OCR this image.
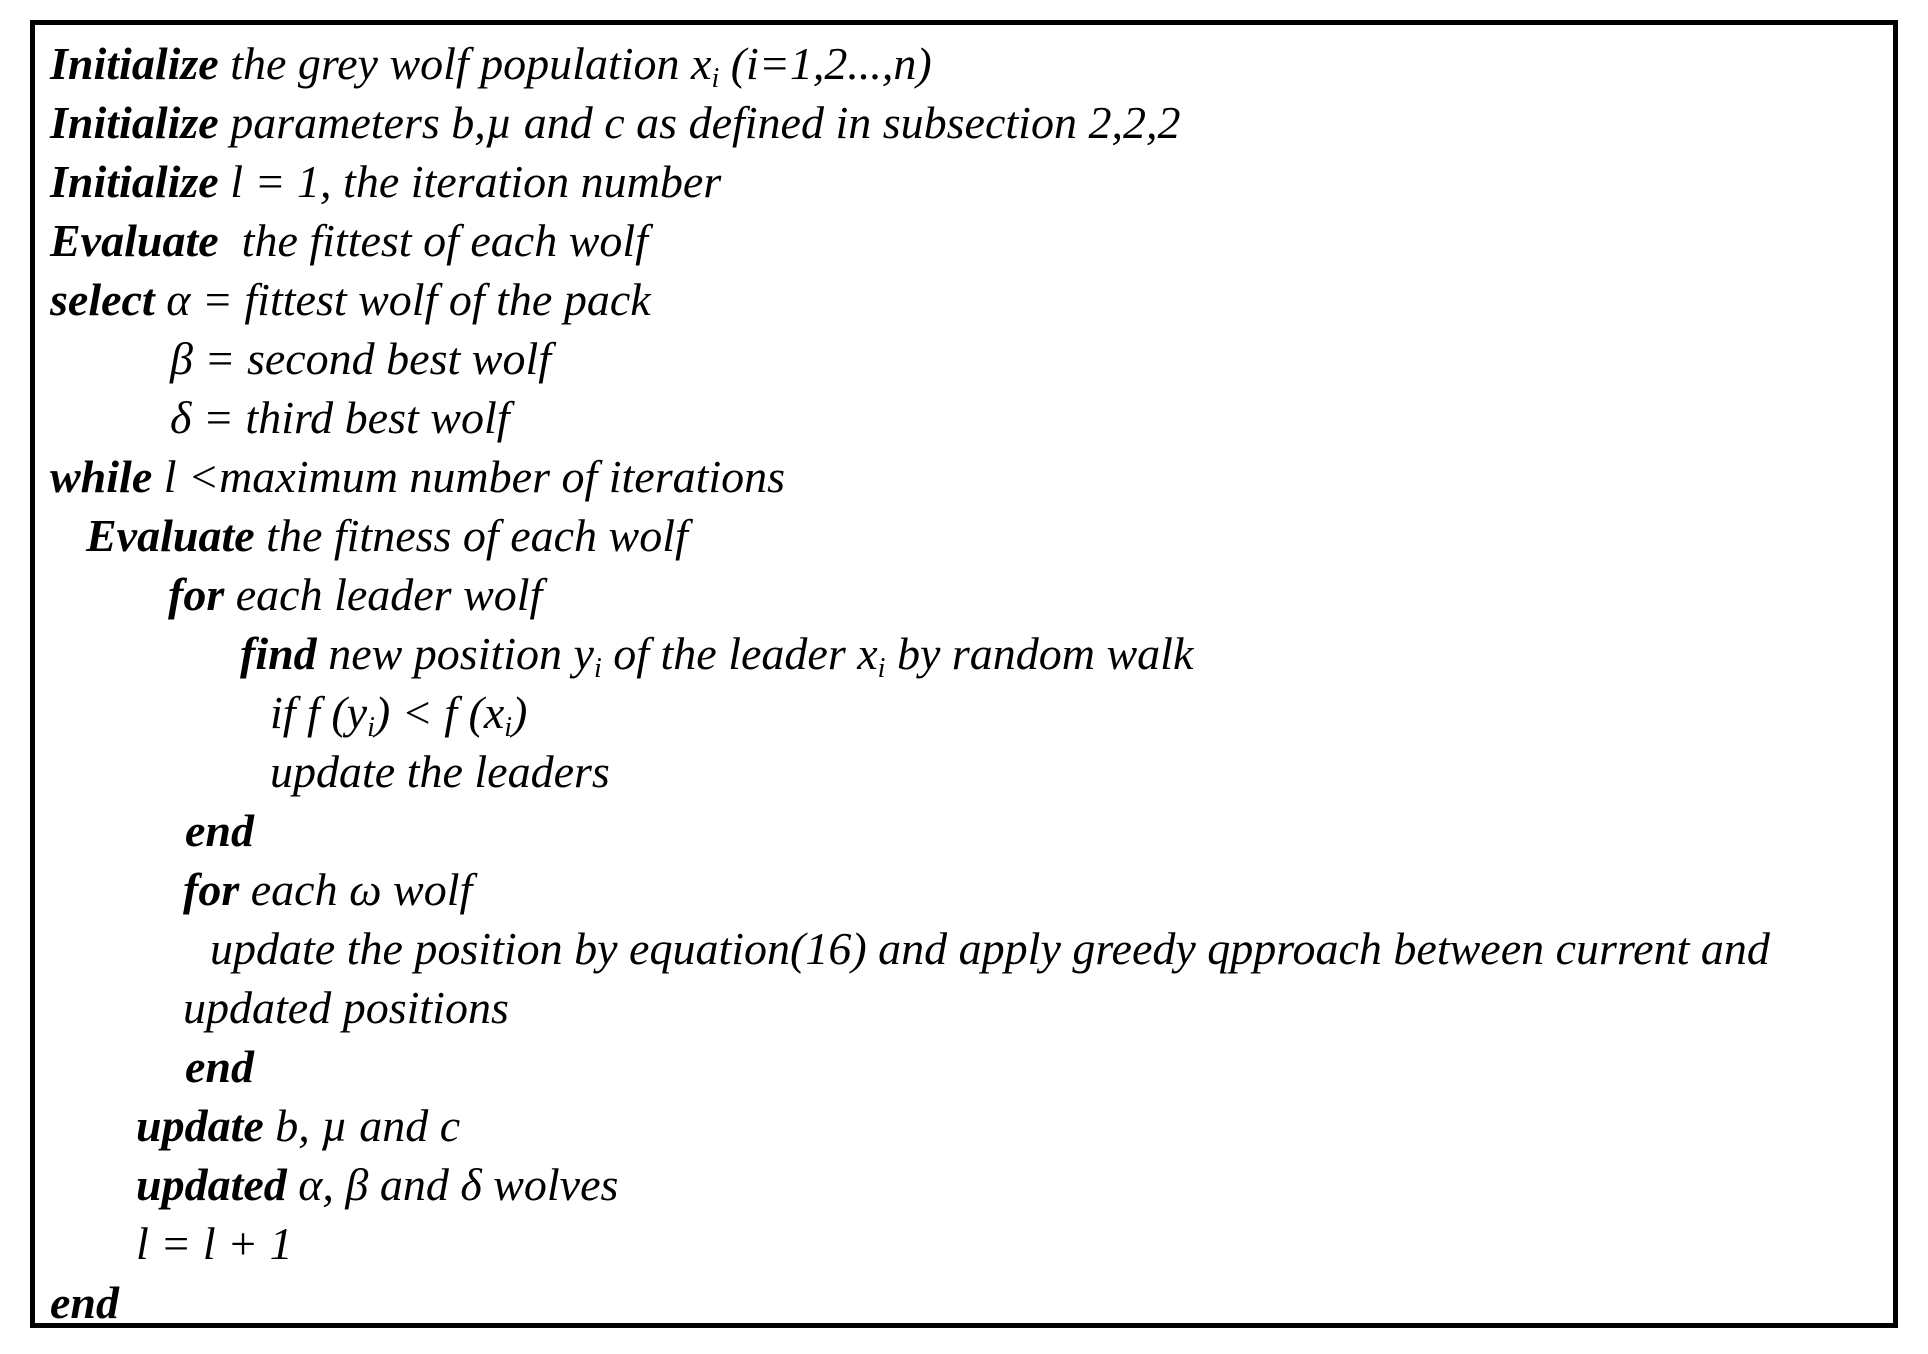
Initialize the grey wolf population $x_i$ (i=1,2...,n)
Initialize parameters b,µ and c as defined in subsection 2,2,2
Initialize l = 1, the iteration number
Evaluate  the fittest of each wolf
select α = fittest wolf of the pack
β = second best wolf
δ = third best wolf
while l <maximum number of iterations
Evaluate the fitness of each wolf
for each leader wolf
find new position $y_i$ of the leader $x_i$ by random walk
if f $(y_i) < f$ $(x_i)$
update the leaders
end
for each ω wolf
update the position by equation(16) and apply greedy qpproach between current and
updated positions
end
update b, µ and c
updated α, β and δ wolves
l = l + 1
end
